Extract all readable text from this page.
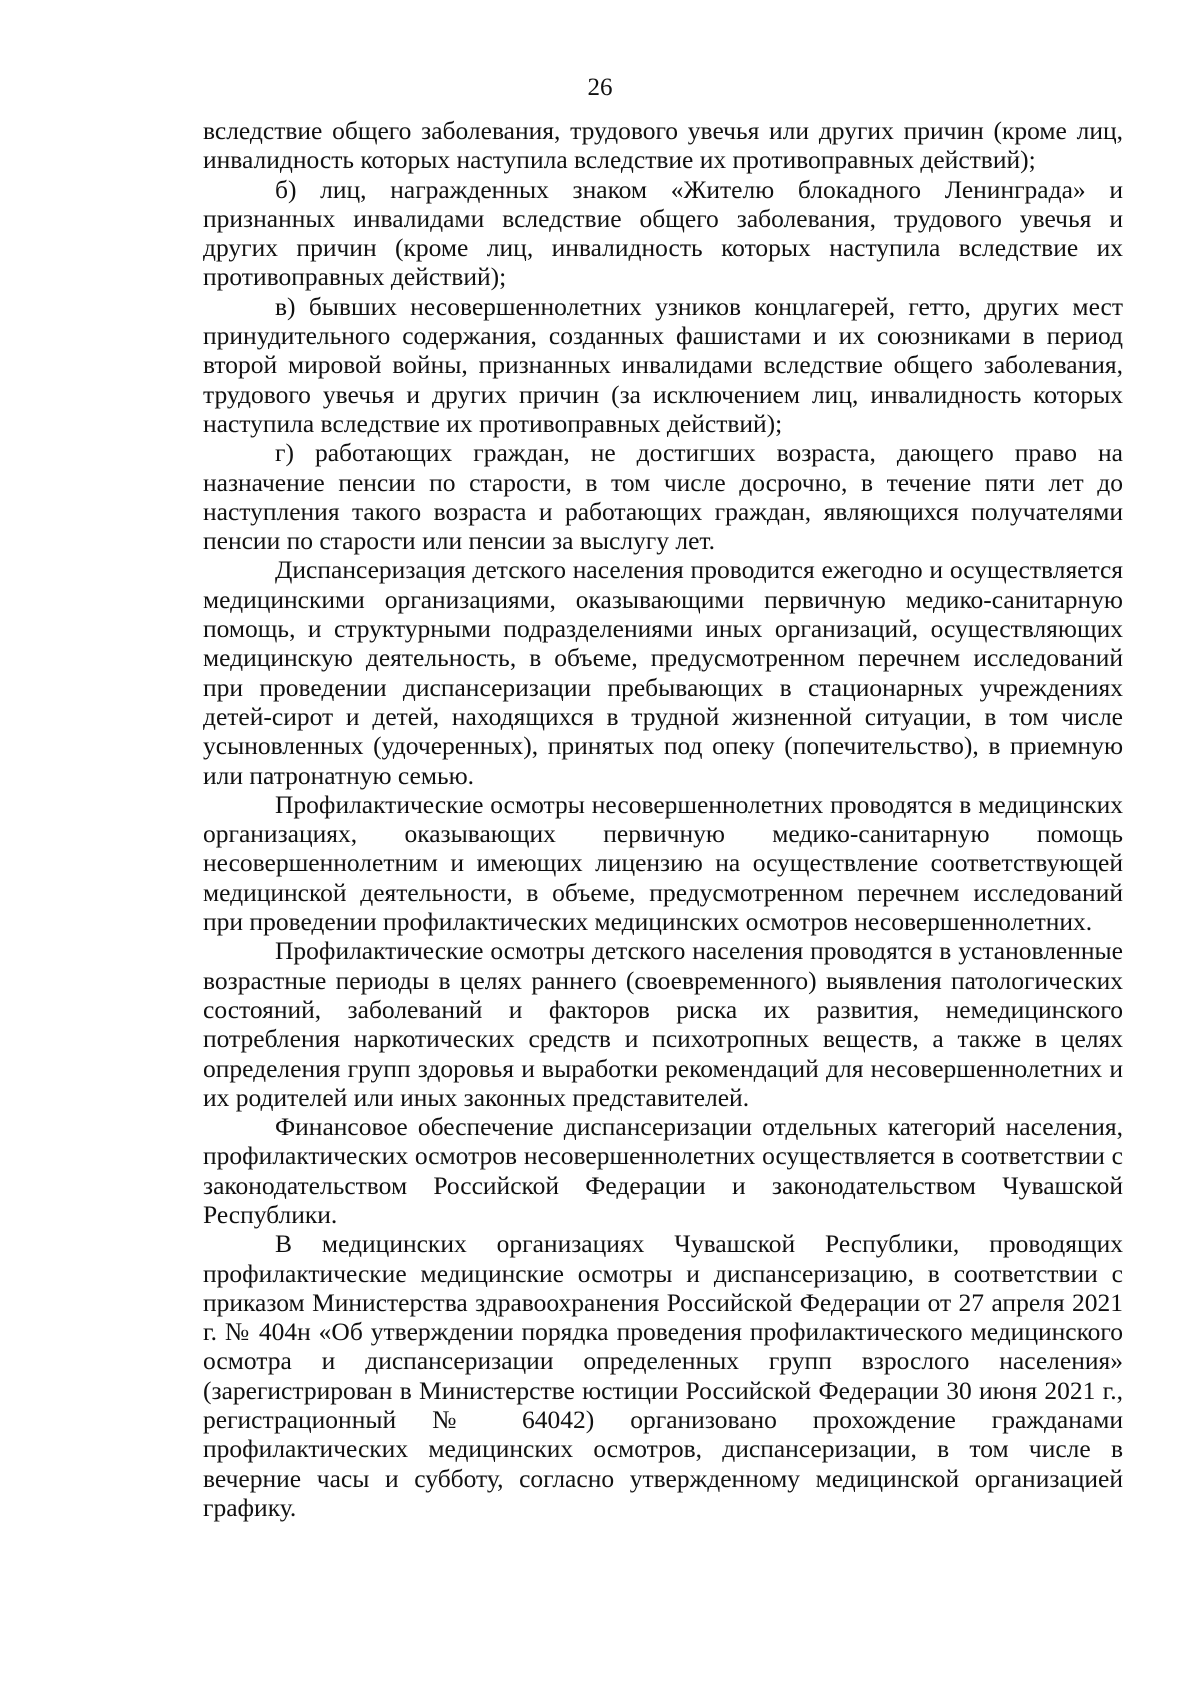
26

вследствие общего заболевания, трудового увечья или других причин (кроме лиц, инвалидность которых наступила вследствие их противоправных действий);

б) лиц, награжденных знаком «Жителю блокадного Ленинграда» и признанных инвалидами вследствие общего заболевания, трудового увечья и других причин (кроме лиц, инвалидность которых наступила вследствие их противоправных действий);

в) бывших несовершеннолетних узников концлагерей, гетто, других мест принудительного содержания, созданных фашистами и их союзниками в период второй мировой войны, признанных инвалидами вследствие общего заболевания, трудового увечья и других причин (за исключением лиц, инвалидность которых наступила вследствие их противоправных действий);

г) работающих граждан, не достигших возраста, дающего право на назначение пенсии по старости, в том числе досрочно, в течение пяти лет до наступления такого возраста и работающих граждан, являющихся получателями пенсии по старости или пенсии за выслугу лет.

Диспансеризация детского населения проводится ежегодно и осуществляется медицинскими организациями, оказывающими первичную медико-санитарную помощь, и структурными подразделениями иных организаций, осуществляющих медицинскую деятельность, в объеме, предусмотренном перечнем исследований при проведении диспансеризации пребывающих в стационарных учреждениях детей-сирот и детей, находящихся в трудной жизненной ситуации, в том числе усыновленных (удочеренных), принятых под опеку (попечительство), в приемную или патронатную семью.

Профилактические осмотры несовершеннолетних проводятся в медицинских организациях, оказывающих первичную медико-санитарную помощь несовершеннолетним и имеющих лицензию на осуществление соответствующей медицинской деятельности, в объеме, предусмотренном перечнем исследований при проведении профилактических медицинских осмотров несовершеннолетних.

Профилактические осмотры детского населения проводятся в установленные возрастные периоды в целях раннего (своевременного) выявления патологических состояний, заболеваний и факторов риска их развития, немедицинского потребления наркотических средств и психотропных веществ, а также в целях определения групп здоровья и выработки рекомендаций для несовершеннолетних и их родителей или иных законных представителей.

Финансовое обеспечение диспансеризации отдельных категорий населения, профилактических осмотров несовершеннолетних осуществляется в соответствии с законодательством Российской Федерации и законодательством Чувашской Республики.

В медицинских организациях Чувашской Республики, проводящих профилактические медицинские осмотры и диспансеризацию, в соответствии с приказом Министерства здравоохранения Российской Федерации от 27 апреля 2021 г. № 404н «Об утверждении порядка проведения профилактического медицинского осмотра и диспансеризации определенных групп взрослого населения» (зарегистрирован в Министерстве юстиции Российской Федерации 30 июня 2021 г., регистрационный № 64042) организовано прохождение гражданами профилактических медицинских осмотров, диспансеризации, в том числе в вечерние часы и субботу, согласно утвержденному медицинской организацией графику.
